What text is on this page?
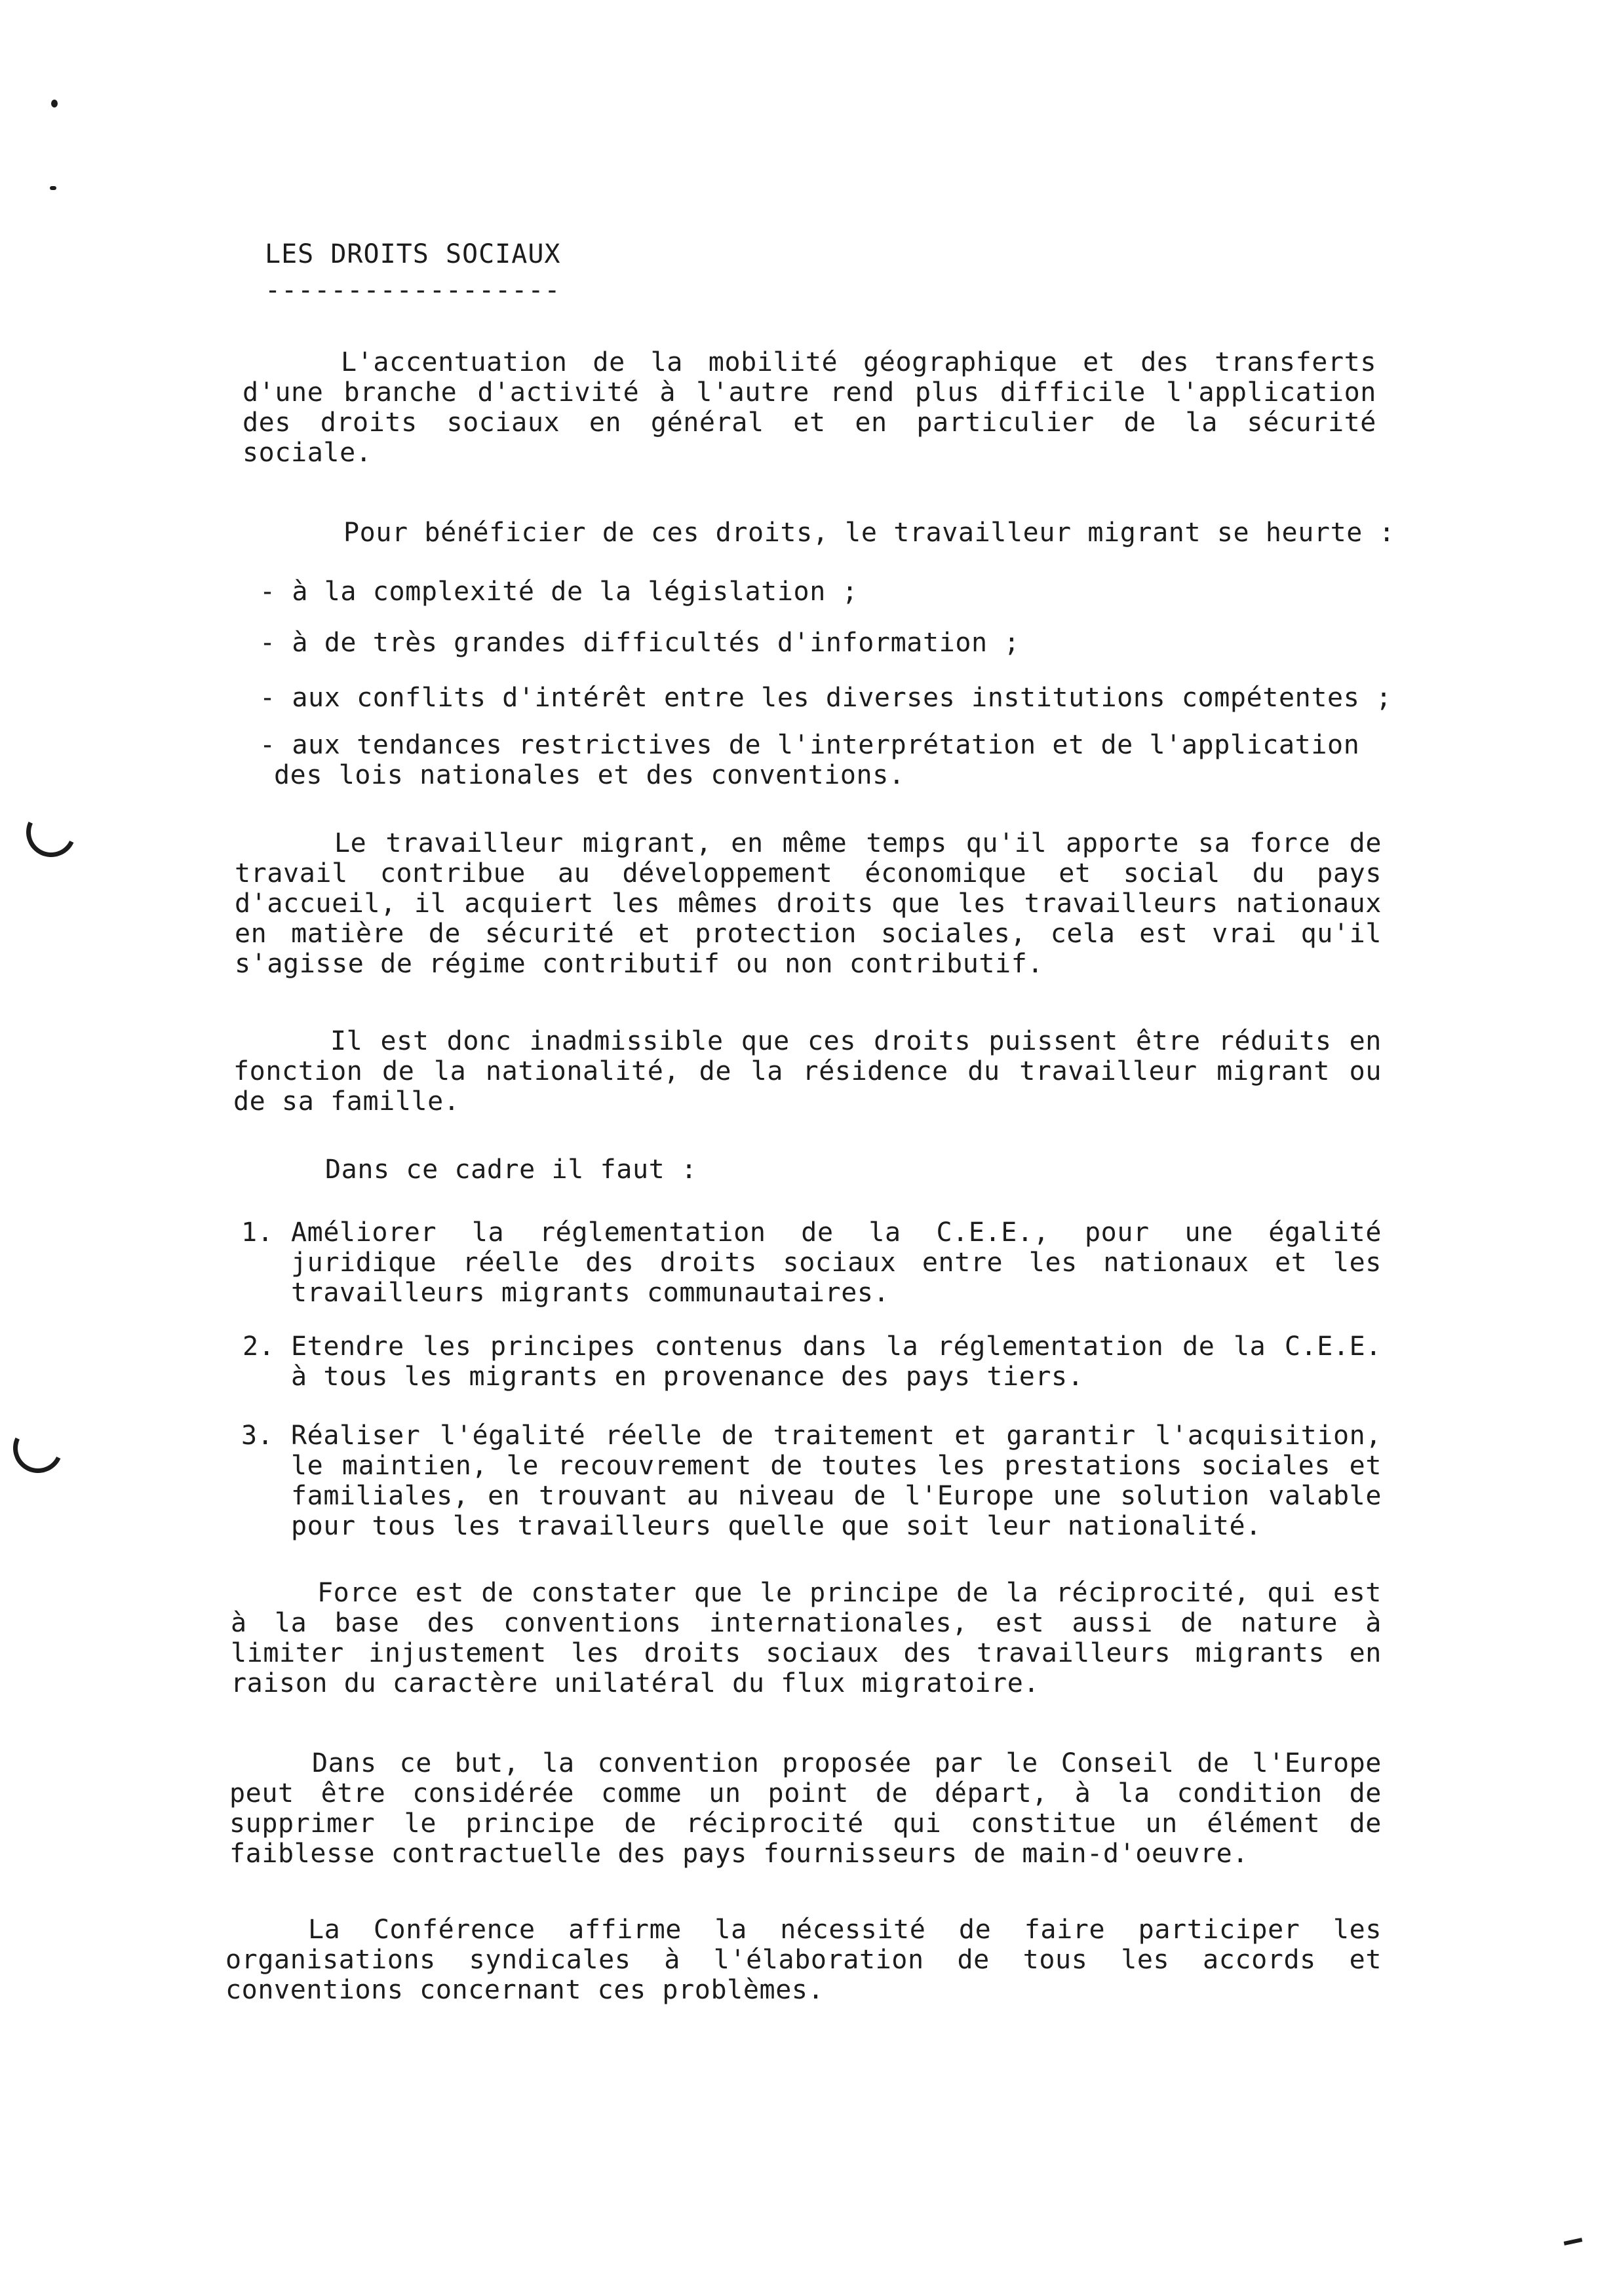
LES DROITS SOCIAUX
------------------
L'accentuation de la mobilité géographique et des transferts d'une branche d'activité à l'autre rend plus difficile l'application des droits sociaux en général et en particulier de la sécurité sociale.
Pour bénéficier de ces droits, le travailleur migrant se heurte :
- à la complexité de la législation ;
- à de très grandes difficultés d'information ;
- aux conflits d'intérêt entre les diverses institutions compétentes ;
- aux tendances restrictives de l'interprétation et de l'application
des lois nationales et des conventions.
Le travailleur migrant, en même temps qu'il apporte sa force de travail contribue au développement économique et social du pays d'accueil, il acquiert les mêmes droits que les travailleurs nationaux en matière de sécurité et protection sociales, cela est vrai qu'il s'agisse de régime contributif ou non contributif.
Il est donc inadmissible que ces droits puissent être réduits en fonction de la nationalité, de la résidence du travailleur migrant ou de sa famille.
Dans ce cadre il faut :
1. Améliorer la réglementation de la C.E.E., pour une égalité juridique réelle des droits sociaux entre les nationaux et les travailleurs migrants communautaires.
2. Etendre les principes contenus dans la réglementation de la C.E.E. à tous les migrants en provenance des pays tiers.
3. Réaliser l'égalité réelle de traitement et garantir l'acquisition, le maintien, le recouvrement de toutes les prestations sociales et familiales, en trouvant au niveau de l'Europe une solution valable pour tous les travailleurs quelle que soit leur nationalité.
Force est de constater que le principe de la réciprocité, qui est à la base des conventions internationales, est aussi de nature à limiter injustement les droits sociaux des travailleurs migrants en raison du caractère unilatéral du flux migratoire.
Dans ce but, la convention proposée par le Conseil de l'Europe peut être considérée comme un point de départ, à la condition de supprimer le principe de réciprocité qui constitue un élément de faiblesse contractuelle des pays fournisseurs de main-d'oeuvre.
La Conférence affirme la nécessité de faire participer les organisations syndicales à l'élaboration de tous les accords et conventions concernant ces problèmes.
